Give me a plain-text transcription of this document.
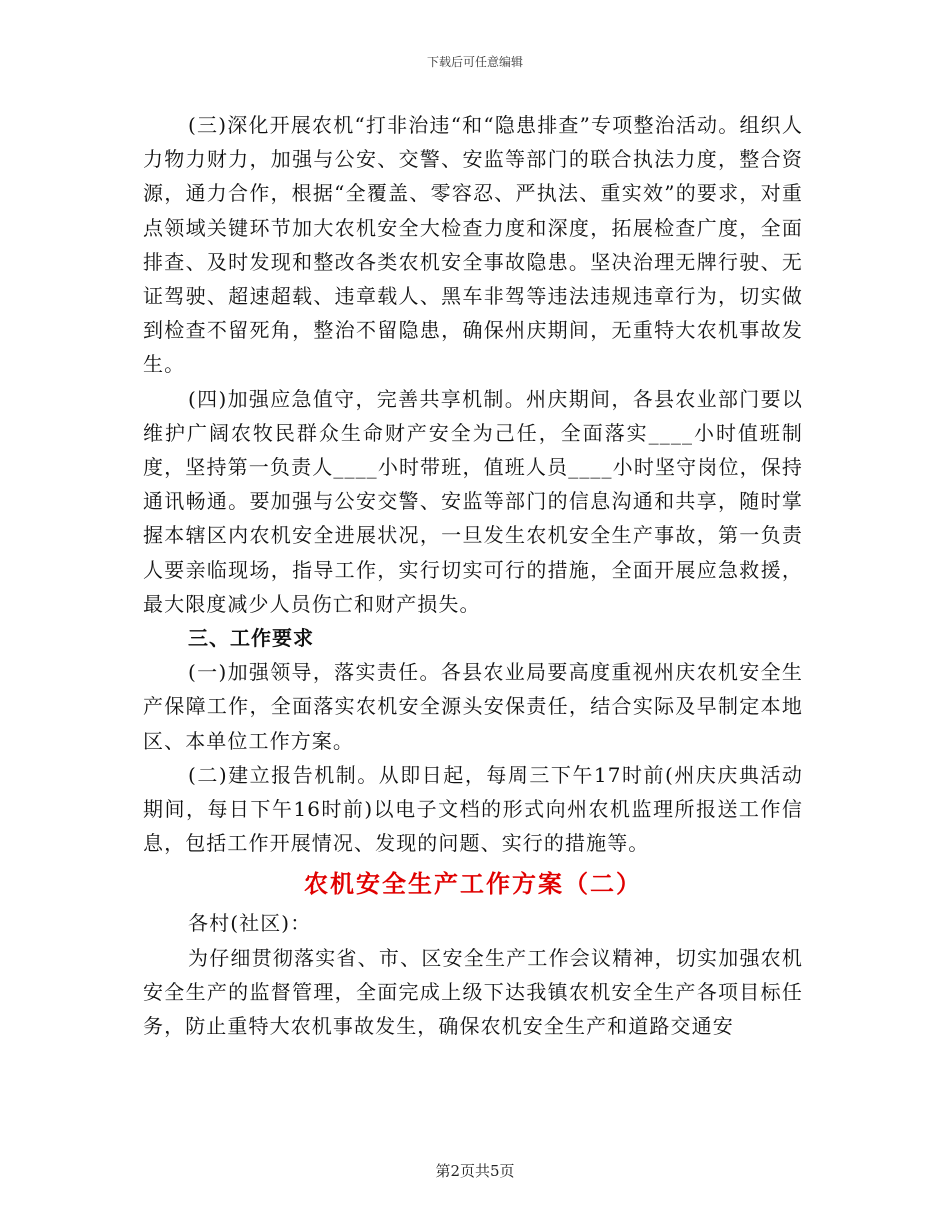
下载后可任意编辑

(三)深化开展农机“打非治违“和“隐患排查”专项整治活动。组织人力物力财力，加强与公安、交警、安监等部门的联合执法力度，整合资源，通力合作，根据“全覆盖、零容忍、严执法、重实效”的要求，对重点领域关键环节加大农机安全大检查力度和深度，拓展检查广度，全面排查、及时发现和整改各类农机安全事故隐患。坚决治理无牌行驶、无证驾驶、超速超载、违章载人、黑车非驾等违法违规违章行为，切实做到检查不留死角，整治不留隐患，确保州庆期间，无重特大农机事故发生。

(四)加强应急值守，完善共享机制。州庆期间，各县农业部门要以维护广阔农牧民群众生命财产安全为己任，全面落实____小时值班制度，坚持第一负责人____小时带班，值班人员____小时坚守岗位，保持通讯畅通。要加强与公安交警、安监等部门的信息沟通和共享，随时掌握本辖区内农机安全进展状况，一旦发生农机安全生产事故，第一负责人要亲临现场，指导工作，实行切实可行的措施，全面开展应急救援，最大限度减少人员伤亡和财产损失。

三、工作要求

(一)加强领导，落实责任。各县农业局要高度重视州庆农机安全生产保障工作，全面落实农机安全源头安保责任，结合实际及早制定本地区、本单位工作方案。

(二)建立报告机制。从即日起，每周三下午17时前(州庆庆典活动期间，每日下午16时前)以电子文档的形式向州农机监理所报送工作信息，包括工作开展情况、发现的问题、实行的措施等。

农机安全生产工作方案（二）

各村(社区)：

为仔细贯彻落实省、市、区安全生产工作会议精神，切实加强农机安全生产的监督管理，全面完成上级下达我镇农机安全生产各项目标任务，防止重特大农机事故发生，确保农机安全生产和道路交通安

第2页共5页
